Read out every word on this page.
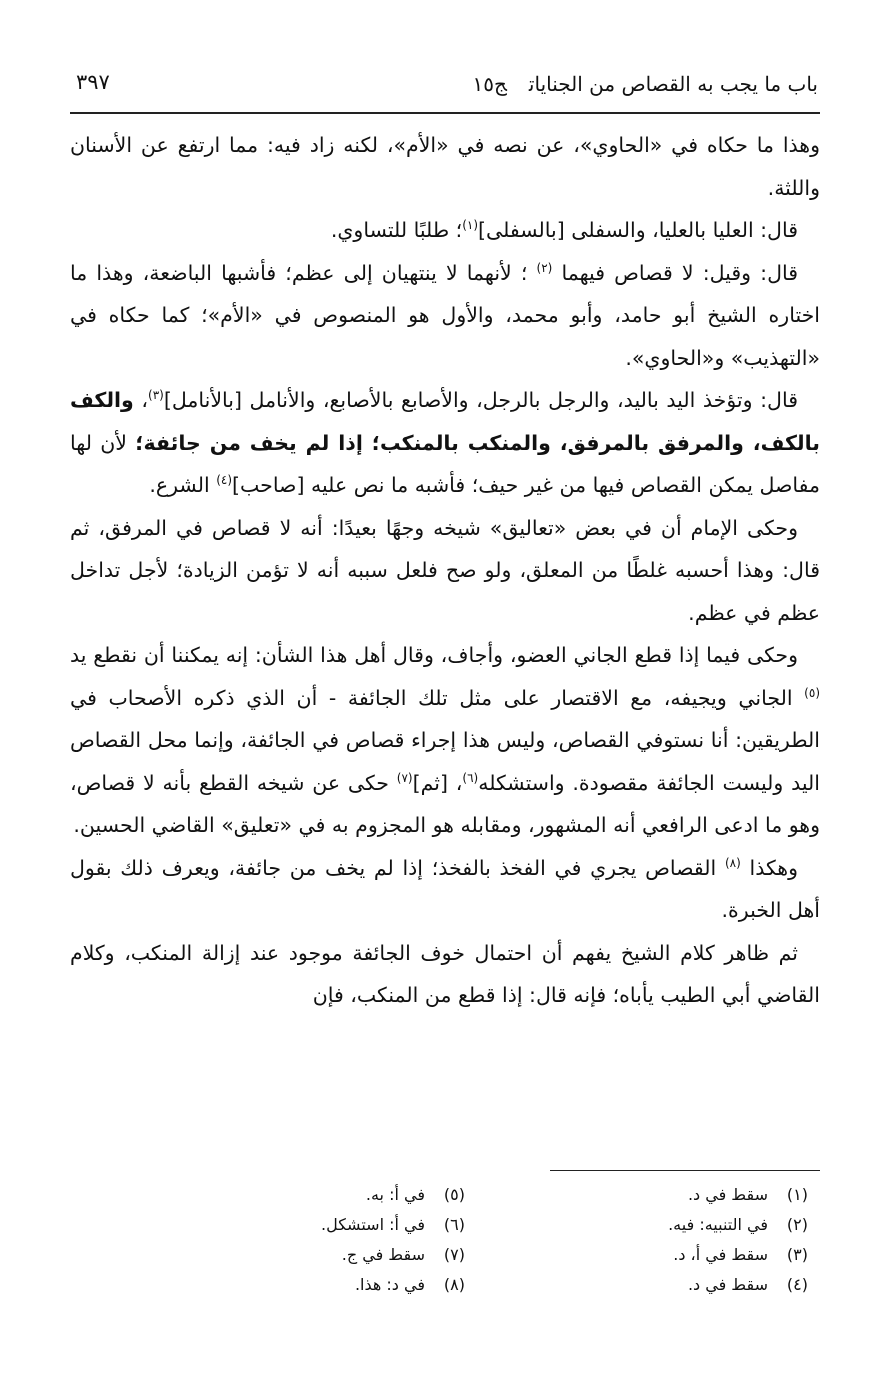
باب ما يجب به القصاص من الجناياتج١٥
٣٩٧

وهذا ما حكاه في «الحاوي»، عن نصه في «الأم»، لكنه زاد فيه: مما ارتفع عن الأسنان واللثة.

قال: العليا بالعليا، والسفلى [بالسفلى]$^{(١)}$؛ طلبًا للتساوي.

قال: وقيل: لا قصاص فيهما $^{(٢)}$ ؛ لأنهما لا ينتهيان إلى عظم؛ فأشبها الباضعة، وهذا ما اختاره الشيخ أبو حامد، وأبو محمد، والأول هو المنصوص في «الأم»؛ كما حكاه في «التهذيب» و«الحاوي».

قال: وتؤخذ اليد باليد، والرجل بالرجل، والأصابع بالأصابع، والأنامل [بالأنامل]$^{(٣)}$، والكف بالكف، والمرفق بالمرفق، والمنكب بالمنكب؛ إذا لم يخف من جائفة؛ لأن لها مفاصل يمكن القصاص فيها من غير حيف؛ فأشبه ما نص عليه [صاحب]$^{(٤)}$ الشرع.

وحكى الإمام أن في بعض «تعاليق» شيخه وجهًا بعيدًا: أنه لا قصاص في المرفق، ثم قال: وهذا أحسبه غلطًا من المعلق، ولو صح فلعل سببه أنه لا تؤمن الزيادة؛ لأجل تداخل عظم في عظم.

وحكى فيما إذا قطع الجاني العضو، وأجاف، وقال أهل هذا الشأن: إنه يمكننا أن نقطع يد $^{(٥)}$ الجاني ويجيفه، مع الاقتصار على مثل تلك الجائفة - أن الذي ذكره الأصحاب في الطريقين: أنا نستوفي القصاص، وليس هذا إجراء قصاص في الجائفة، وإنما محل القصاص اليد وليست الجائفة مقصودة. واستشكله$^{(٦)}$، [ثم]$^{(٧)}$ حكى عن شيخه القطع بأنه لا قصاص، وهو ما ادعى الرافعي أنه المشهور، ومقابله هو المجزوم به في «تعليق» القاضي الحسين.

وهكذا $^{(٨)}$ القصاص يجري في الفخذ بالفخذ؛ إذا لم يخف من جائفة، ويعرف ذلك بقول أهل الخبرة.

ثم ظاهر كلام الشيخ يفهم أن احتمال خوف الجائفة موجود عند إزالة المنكب، وكلام القاضي أبي الطيب يأباه؛ فإنه قال: إذا قطع من المنكب، فإن

(١)سقط في د.
(٢)في التنبيه: فيه.
(٣)سقط في أ، د.
(٤)سقط في د.
(٥)في أ: به.
(٦)في أ: استشكل.
(٧)سقط في ج.
(٨)في د: هذا.
